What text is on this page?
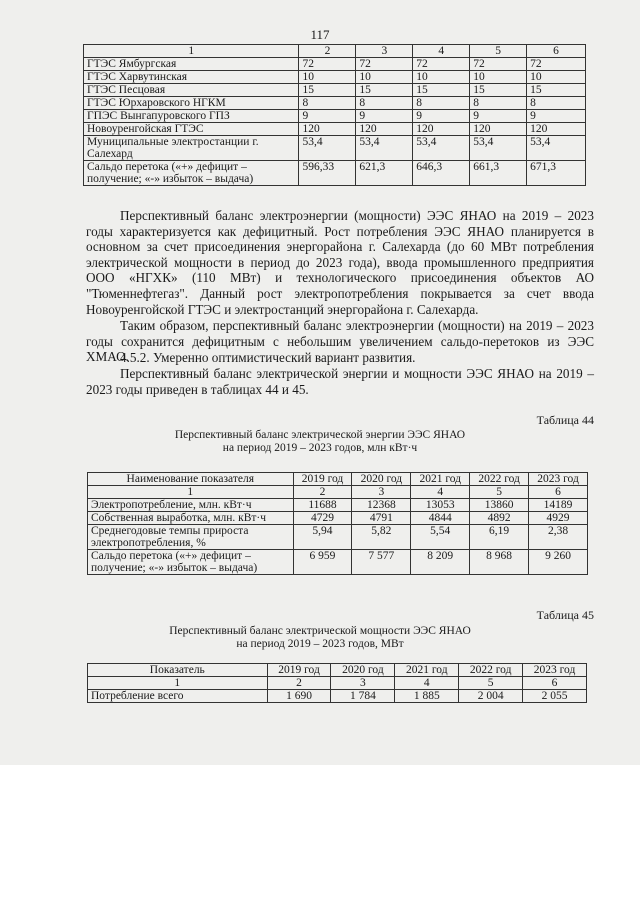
117
1	2	3	4	5	6
ГТЭС Ямбургская	72	72	72	72	72
ГТЭС Харвутинская	10	10	10	10	10
ГТЭС Песцовая	15	15	15	15	15
ГТЭС Юрхаровского НГКМ	8	8	8	8	8
ГПЭС Вынгапуровского ГПЗ	9	9	9	9	9
Новоуренгойская ГТЭС	120	120	120	120	120
Муниципальные электростанции г. Салехард	53,4	53,4	53,4	53,4	53,4
Сальдо перетока («+» дефицит – получение; «-» избыток – выдача)	596,33	621,3	646,3	661,3	671,3

Перспективный баланс электроэнергии (мощности) ЭЭС ЯНАО на 2019 – 2023 годы характеризуется как дефицитный. Рост потребления ЭЭС ЯНАО планируется в основном за счет присоединения энергорайона г. Салехарда (до 60 МВт потребления электрической мощности в период до 2023 года), ввода промышленного предприятия ООО «НГХК» (110 МВт) и технологического присоединения объектов АО "Тюменнефтегаз". Данный рост электропотребления покрывается за счет ввода Новоуренгойской ГТЭС и электростанций энергорайона г. Салехарда.

Таким образом, перспективный баланс электроэнергии (мощности) на 2019 – 2023 годы сохранится дефицитным с небольшим увеличением сальдо-перетоков из ЭЭС ХМАО.

4.5.2. Умеренно оптимистический вариант развития.

Перспективный баланс электрической энергии и мощности ЭЭС ЯНАО на 2019 – 2023 годы приведен в таблицах 44 и 45.

Таблица 44
Перспективный баланс электрической энергии ЭЭС ЯНАО
на период 2019 – 2023 годов, млн кВт·ч
Наименование показателя	2019 год	2020 год	2021 год	2022 год	2023 год
1	2	3	4	5	6
Электропотребление, млн. кВт·ч	11688	12368	13053	13860	14189
Собственная выработка, млн. кВт·ч	4729	4791	4844	4892	4929
Среднегодовые темпы прироста электропотребления, %	5,94	5,82	5,54	6,19	2,38
Сальдо перетока («+» дефицит – получение; «-» избыток – выдача)	6 959	7 577	8 209	8 968	9 260
Таблица 45
Перспективный баланс электрической мощности ЭЭС ЯНАО
на период 2019 – 2023 годов, МВт
Показатель	2019 год	2020 год	2021 год	2022 год	2023 год
1	2	3	4	5	6
Потребление всего	1 690	1 784	1 885	2 004	2 055
